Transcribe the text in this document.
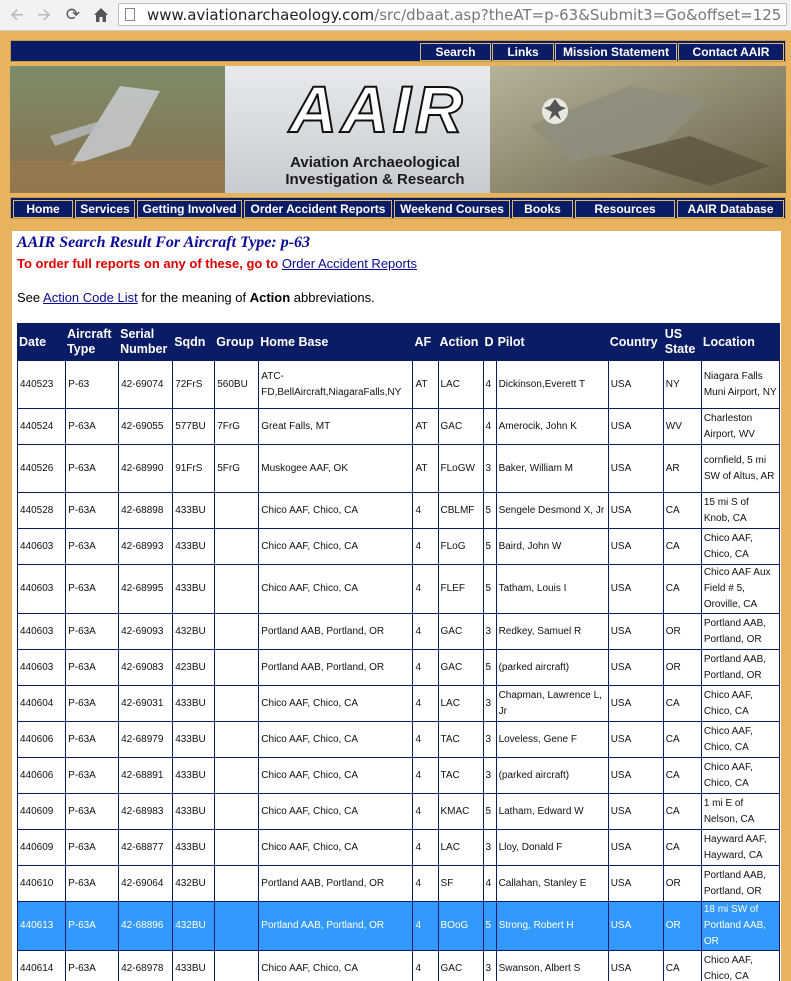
🡨 🡪 ⟳	www.aviationarchaeology.com/src/dbaat.asp?theAT=p-63&Submit3=Go&offset=125
Search	Links	Mission Statement	Contact AAIR
AAIR
Aviation Archaeological
Investigation & Research
Home	Services	Getting Involved	Order Accident Reports	Weekend Courses	Books	Resources	AAIR Database
AAIR Search Result For Aircraft Type: p-63
To order full reports on any of these, go to Order Accident Reports
See Action Code List for the meaning of Action abbreviations.
Date	Aircraft Type	Serial Number	Sqdn	Group	Home Base	AF	Action	D	Pilot	Country	US State	Location
440523	P-63	42-69074	72FrS	560BU	ATC-FD,BellAircraft,NiagaraFalls,NY	AT	LAC	4	Dickinson,Everett T	USA	NY	Niagara Falls Muni Airport, NY
440524	P-63A	42-69055	577BU	7FrG	Great Falls, MT	AT	GAC	4	Amerocik, John K	USA	WV	Charleston Airport, WV
440526	P-63A	42-68990	91FrS	5FrG	Muskogee AAF, OK	AT	FLoGW	3	Baker, William M	USA	AR	cornfield, 5 mi SW of Altus, AR
440528	P-63A	42-68898	433BU		Chico AAF, Chico, CA	4	CBLMF	5	Sengele Desmond X, Jr	USA	CA	15 mi S of Knob, CA
440603	P-63A	42-68993	433BU		Chico AAF, Chico, CA	4	FLoG	5	Baird, John W	USA	CA	Chico AAF, Chico, CA
440603	P-63A	42-68995	433BU		Chico AAF, Chico, CA	4	FLEF	5	Tatham, Louis I	USA	CA	Chico AAF Aux Field # 5, Oroville, CA
440603	P-63A	42-69093	432BU		Portland AAB, Portland, OR	4	GAC	3	Redkey, Samuel R	USA	OR	Portland AAB, Portland, OR
440603	P-63A	42-69083	423BU		Portland AAB, Portland, OR	4	GAC	5	(parked aircraft)	USA	OR	Portland AAB, Portland, OR
440604	P-63A	42-69031	433BU		Chico AAF, Chico, CA	4	LAC	3	Chapman, Lawrence L, Jr	USA	CA	Chico AAF, Chico, CA
440606	P-63A	42-68979	433BU		Chico AAF, Chico, CA	4	TAC	3	Loveless, Gene F	USA	CA	Chico AAF, Chico, CA
440606	P-63A	42-68891	433BU		Chico AAF, Chico, CA	4	TAC	3	(parked aircraft)	USA	CA	Chico AAF, Chico, CA
440609	P-63A	42-68983	433BU		Chico AAF, Chico, CA	4	KMAC	5	Latham, Edward W	USA	CA	1 mi E of Nelson, CA
440609	P-63A	42-68877	433BU		Chico AAF, Chico, CA	4	LAC	3	Lloy, Donald F	USA	CA	Hayward AAF, Hayward, CA
440610	P-63A	42-69064	432BU		Portland AAB, Portland, OR	4	SF	4	Callahan, Stanley E	USA	OR	Portland AAB, Portland, OR
440613	P-63A	42-68896	432BU		Portland AAB, Portland, OR	4	BOoG	5	Strong, Robert H	USA	OR	18 mi SW of Portland AAB, OR
440614	P-63A	42-68978	433BU		Chico AAF, Chico, CA	4	GAC	3	Swanson, Albert S	USA	CA	Chico AAF, Chico, CA
